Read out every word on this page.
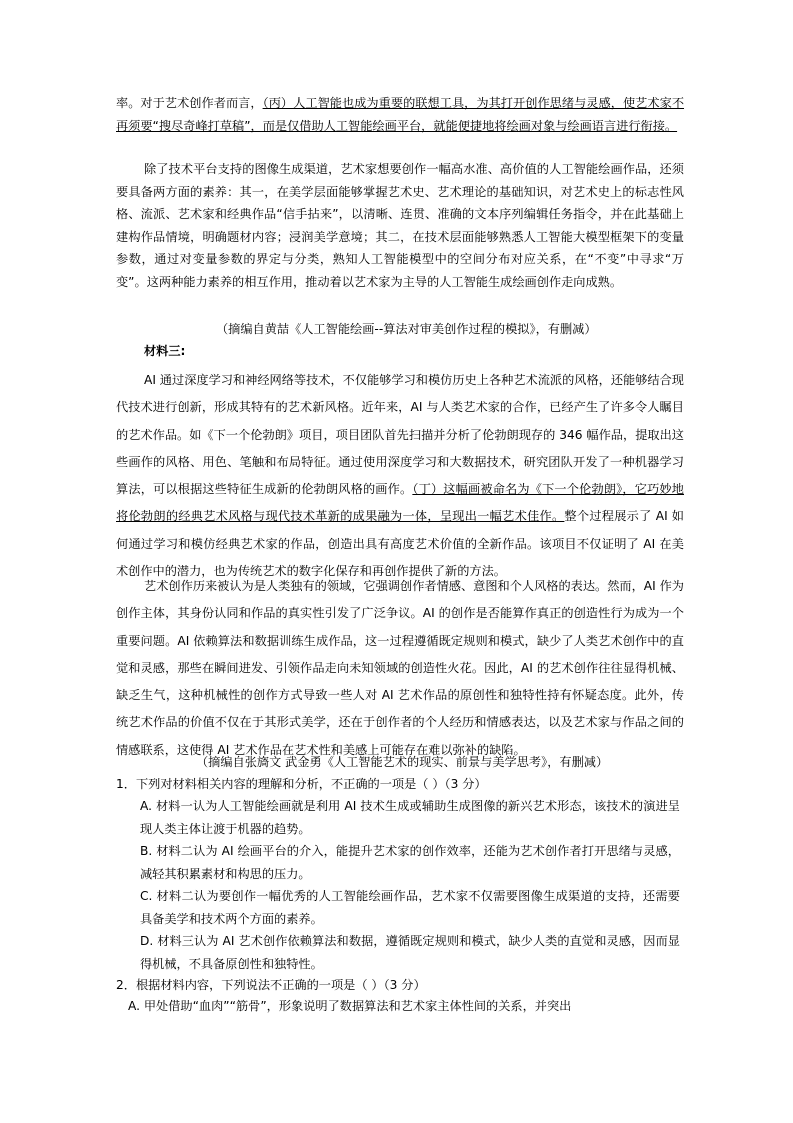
率。对于艺术创作者而言，（丙）人工智能也成为重要的联想工具，为其打开创作思绪与灵感，使艺术家不再须要“搜尽奇峰打草稿”，而是仅借助人工智能绘画平台，就能便捷地将绘画对象与绘画语言进行衔接。

除了技术平台支持的图像生成渠道，艺术家想要创作一幅高水准、高价值的人工智能绘画作品，还须要具备两方面的素养：其一，在美学层面能够掌握艺术史、艺术理论的基础知识，对艺术史上的标志性风格、流派、艺术家和经典作品“信手拈来”，以清晰、连贯、准确的文本序列编辑任务指令，并在此基础上建构作品情境，明确题材内容；浸润美学意境；其二，在技术层面能够熟悉人工智能大模型框架下的变量参数，通过对变量参数的界定与分类，熟知人工智能模型中的空间分布对应关系，在“不变”中寻求“万变”。这两种能力素养的相互作用，推动着以艺术家为主导的人工智能生成绘画创作走向成熟。

（摘编自黄喆《人工智能绘画--算法对审美创作过程的模拟》，有删减）

材料三:

AI 通过深度学习和神经网络等技术，不仅能够学习和模仿历史上各种艺术流派的风格，还能够结合现代技术进行创新，形成其特有的艺术新风格。近年来，AI 与人类艺术家的合作，已经产生了许多令人瞩目的艺术作品。如《下一个伦勃朗》项目，项目团队首先扫描并分析了伦勃朗现存的 346 幅作品，提取出这些画作的风格、用色、笔触和布局特征。通过使用深度学习和大数据技术，研究团队开发了一种机器学习算法，可以根据这些特征生成新的伦勃朗风格的画作。（丁）这幅画被命名为《下一个伦勃朗》，它巧妙地将伦勃朗的经典艺术风格与现代技术革新的成果融为一体，呈现出一幅艺术佳作。整个过程展示了 AI 如何通过学习和模仿经典艺术家的作品，创造出具有高度艺术价值的全新作品。该项目不仅证明了 AI 在美术创作中的潜力，也为传统艺术的数字化保存和再创作提供了新的方法。

艺术创作历来被认为是人类独有的领域，它强调创作者情感、意图和个人风格的表达。然而，AI 作为创作主体，其身份认同和作品的真实性引发了广泛争议。AI 的创作是否能算作真正的创造性行为成为一个重要问题。AI 依赖算法和数据训练生成作品，这一过程遵循既定规则和模式，缺少了人类艺术创作中的直觉和灵感，那些在瞬间进发、引领作品走向未知领域的创造性火花。因此，AI 的艺术创作往往显得机械、缺乏生气，这种机械性的创作方式导致一些人对 AI 艺术作品的原创性和独特性持有怀疑态度。此外，传统艺术作品的价值不仅在于其形式美学，还在于创作者的个人经历和情感表达，以及艺术家与作品之间的情感联系，这使得 AI 艺术作品在艺术性和美感上可能存在难以弥补的缺陷。

（摘编自张旖文 武金勇《人工智能艺术的现实、前景与美学思考》，有删减）

1．下列对材料相关内容的理解和分析，不正确的一项是（ ）（3 分）

A. 材料一认为人工智能绘画就是利用 AI 技术生成或辅助生成图像的新兴艺术形态，该技术的演进呈现人类主体让渡于机器的趋势。

B. 材料二认为 AI 绘画平台的介入，能提升艺术家的创作效率，还能为艺术创作者打开思绪与灵感，减轻其积累素材和构思的压力。

C. 材料二认为要创作一幅优秀的人工智能绘画作品，艺术家不仅需要图像生成渠道的支持，还需要具备美学和技术两个方面的素养。

D. 材料三认为 AI 艺术创作依赖算法和数据，遵循既定规则和模式，缺少人类的直觉和灵感，因而显得机械，不具备原创性和独特性。

2．根据材料内容，下列说法不正确的一项是（ ）（3 分）

A. 甲处借助“血肉”“筋骨”，形象说明了数据算法和艺术家主体性间的关系，并突出
